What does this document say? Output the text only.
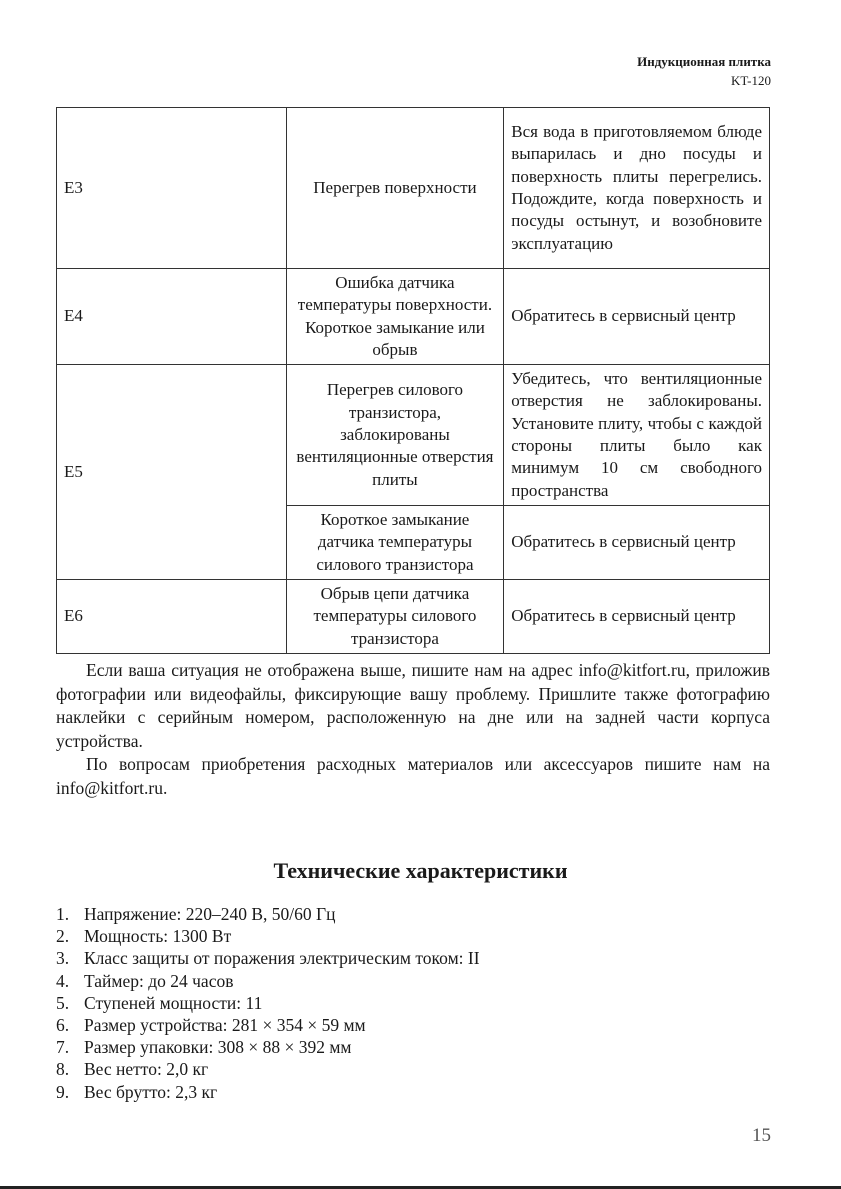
Индукционная плитка
KT-120
E3	Перегрев поверхности	Вся вода в приготовляемом блюде выпарилась и дно посуды и поверхность плиты перегрелись. Подождите, когда поверхность и посуды остынут, и возобновите эксплуатацию
E4	Ошибка датчика температуры поверхности. Короткое замыкание или обрыв	Обратитесь в сервисный центр
E5	Перегрев силового транзистора, заблокированы вентиляционные отверстия плиты	Убедитесь, что вентиляционные отверстия не заблокированы. Установите плиту, чтобы с каждой стороны плиты было как минимум 10 см свободного пространства
	Короткое замыкание датчика температуры силового транзистора	Обратитесь в сервисный центр
E6	Обрыв цепи датчика температуры силового транзистора	Обратитесь в сервисный центр

Если ваша ситуация не отображена выше, пишите нам на адрес info@kitfort.ru, приложив фотографии или видеофайлы, фиксирующие вашу проблему. Пришлите также фотографию наклейки с серийным номером, расположенную на дне или на задней части корпуса устройства.

По вопросам приобретения расходных материалов или аксессуаров пишите нам на info@kitfort.ru.

Технические характеристики
1. Напряжение: 220–240 В, 50/60 Гц
2. Мощность: 1300 Вт
3. Класс защиты от поражения электрическим током: II
4. Таймер: до 24 часов
5. Ступеней мощности: 11
6. Размер устройства: 281 × 354 × 59 мм
7. Размер упаковки: 308 × 88 × 392 мм
8. Вес нетто: 2,0 кг
9. Вес брутто: 2,3 кг
15
